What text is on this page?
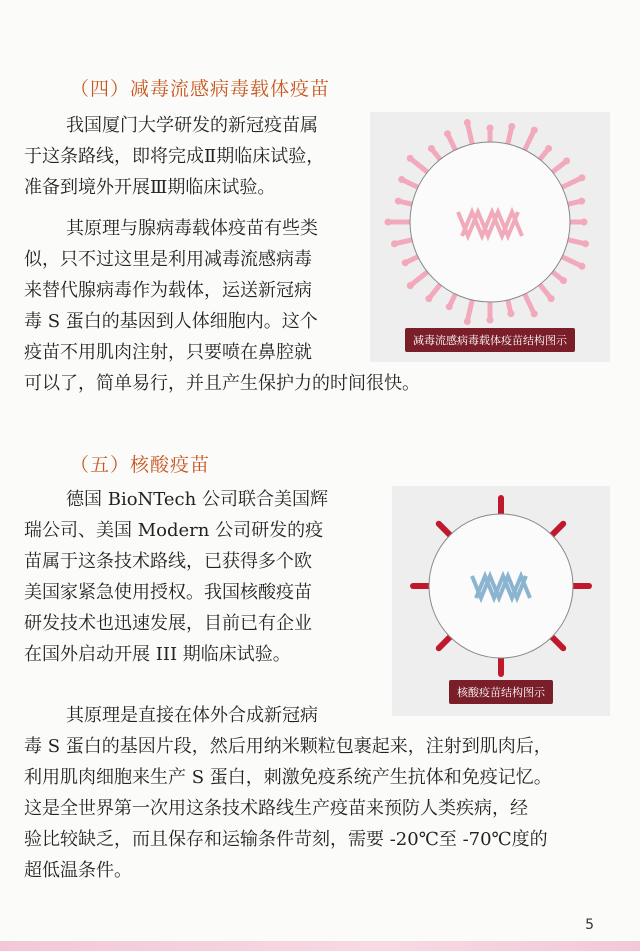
（四）减毒流感病毒载体疫苗

我国厦门大学研发的新冠疫苗属
于这条路线，即将完成Ⅱ期临床试验，
准备到境外开展Ⅲ期临床试验。

其原理与腺病毒载体疫苗有些类
似，只不过这里是利用减毒流感病毒
来替代腺病毒作为载体，运送新冠病
毒 S 蛋白的基因到人体细胞内。这个
疫苗不用肌肉注射，只要喷在鼻腔就
可以了，简单易行，并且产生保护力的时间很快。

减毒流感病毒载体疫苗结构图示
（五）核酸疫苗

德国 BioNTech 公司联合美国辉
瑞公司、美国 Modern 公司研发的疫
苗属于这条技术路线，已获得多个欧
美国家紧急使用授权。我国核酸疫苗
研发技术也迅速发展，目前已有企业
在国外启动开展 III 期临床试验。

其原理是直接在体外合成新冠病
毒 S 蛋白的基因片段，然后用纳米颗粒包裹起来，注射到肌肉后，
利用肌肉细胞来生产 S 蛋白，刺激免疫系统产生抗体和免疫记忆。
这是全世界第一次用这条技术路线生产疫苗来预防人类疾病，经
验比较缺乏，而且保存和运输条件苛刻，需要 -20℃至 -70℃度的
超低温条件。

核酸疫苗结构图示
5
